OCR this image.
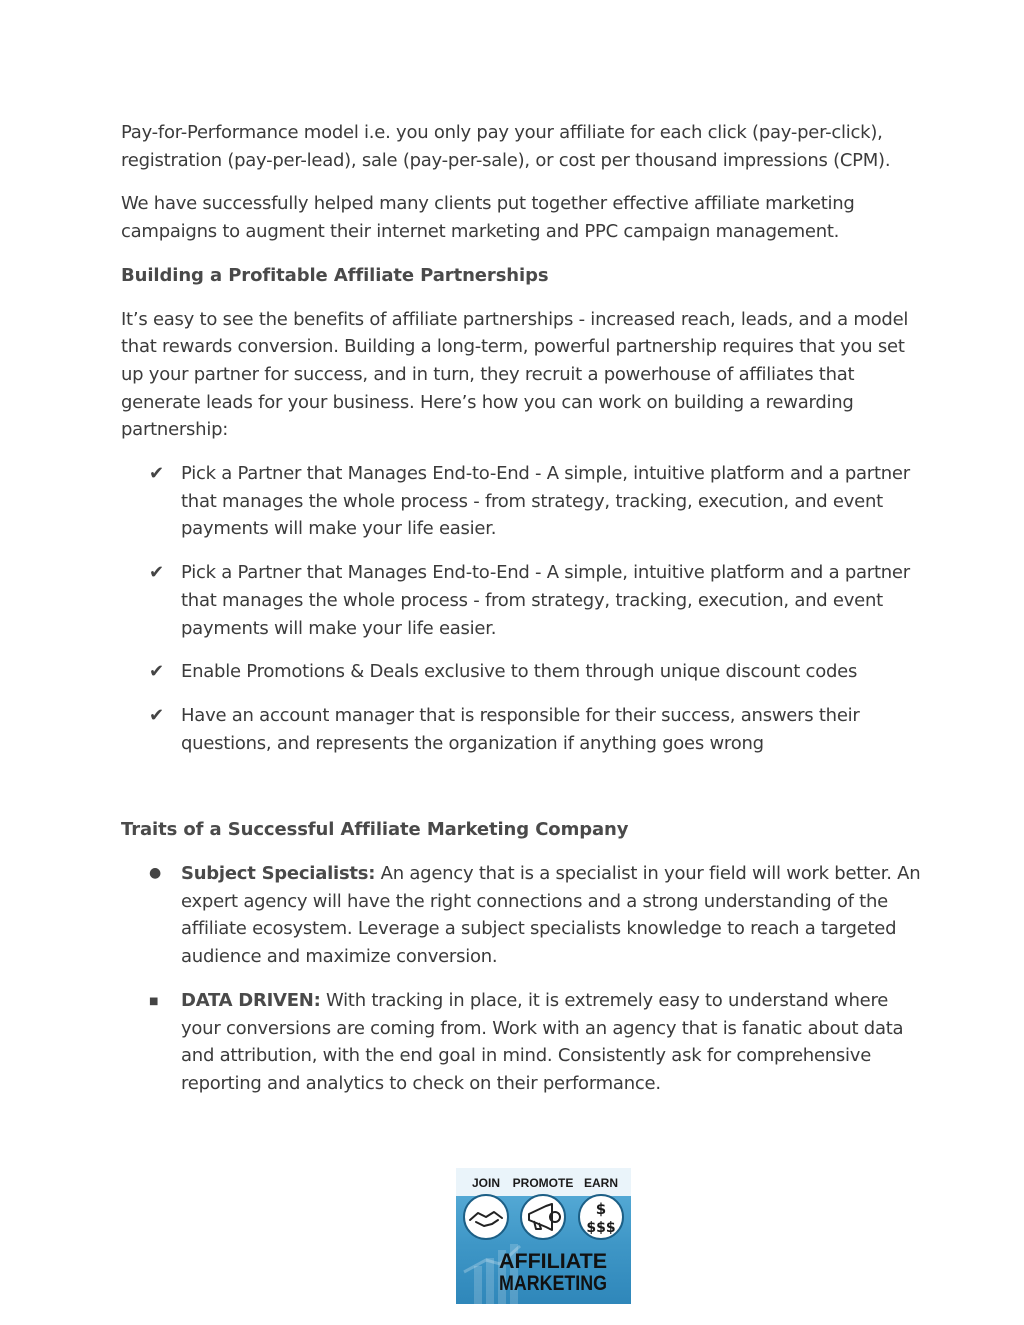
Pay-for-Performance model i.e. you only pay your affiliate for each click (pay-per-click), registration (pay-per-lead), sale (pay-per-sale), or cost per thousand impressions (CPM).

We have successfully helped many clients put together effective affiliate marketing campaigns to augment their internet marketing and PPC campaign management.

Building a Profitable Affiliate Partnerships

It’s easy to see the benefits of affiliate partnerships - increased reach, leads, and a model that rewards conversion. Building a long-term, powerful partnership requires that you set up your partner for success, and in turn, they recruit a powerhouse of affiliates that generate leads for your business. Here’s how you can work on building a rewarding partnership:

✔ Pick a Partner that Manages End-to-End - A simple, intuitive platform and a partner that manages the whole process - from strategy, tracking, execution, and event payments will make your life easier.
✔ Pick a Partner that Manages End-to-End - A simple, intuitive platform and a partner that manages the whole process - from strategy, tracking, execution, and event payments will make your life easier.
✔ Enable Promotions & Deals exclusive to them through unique discount codes
✔ Have an account manager that is responsible for their success, answers their questions, and represents the organization if anything goes wrong

Traits of a Successful Affiliate Marketing Company

●	Subject Specialists: An agency that is a specialist in your field will work better. An expert agency will have the right connections and a strong understanding of the affiliate ecosystem. Leverage a subject specialists knowledge to reach a targeted audience and maximize conversion.
■	DATA DRIVEN: With tracking in place, it is extremely easy to understand where your conversions are coming from. Work with an agency that is fanatic about data and attribution, with the end goal in mind. Consistently ask for comprehensive reporting and analytics to check on their performance.
JOIN PROMOTE EARN
$
$$$
AFFILIATE
MARKETING
